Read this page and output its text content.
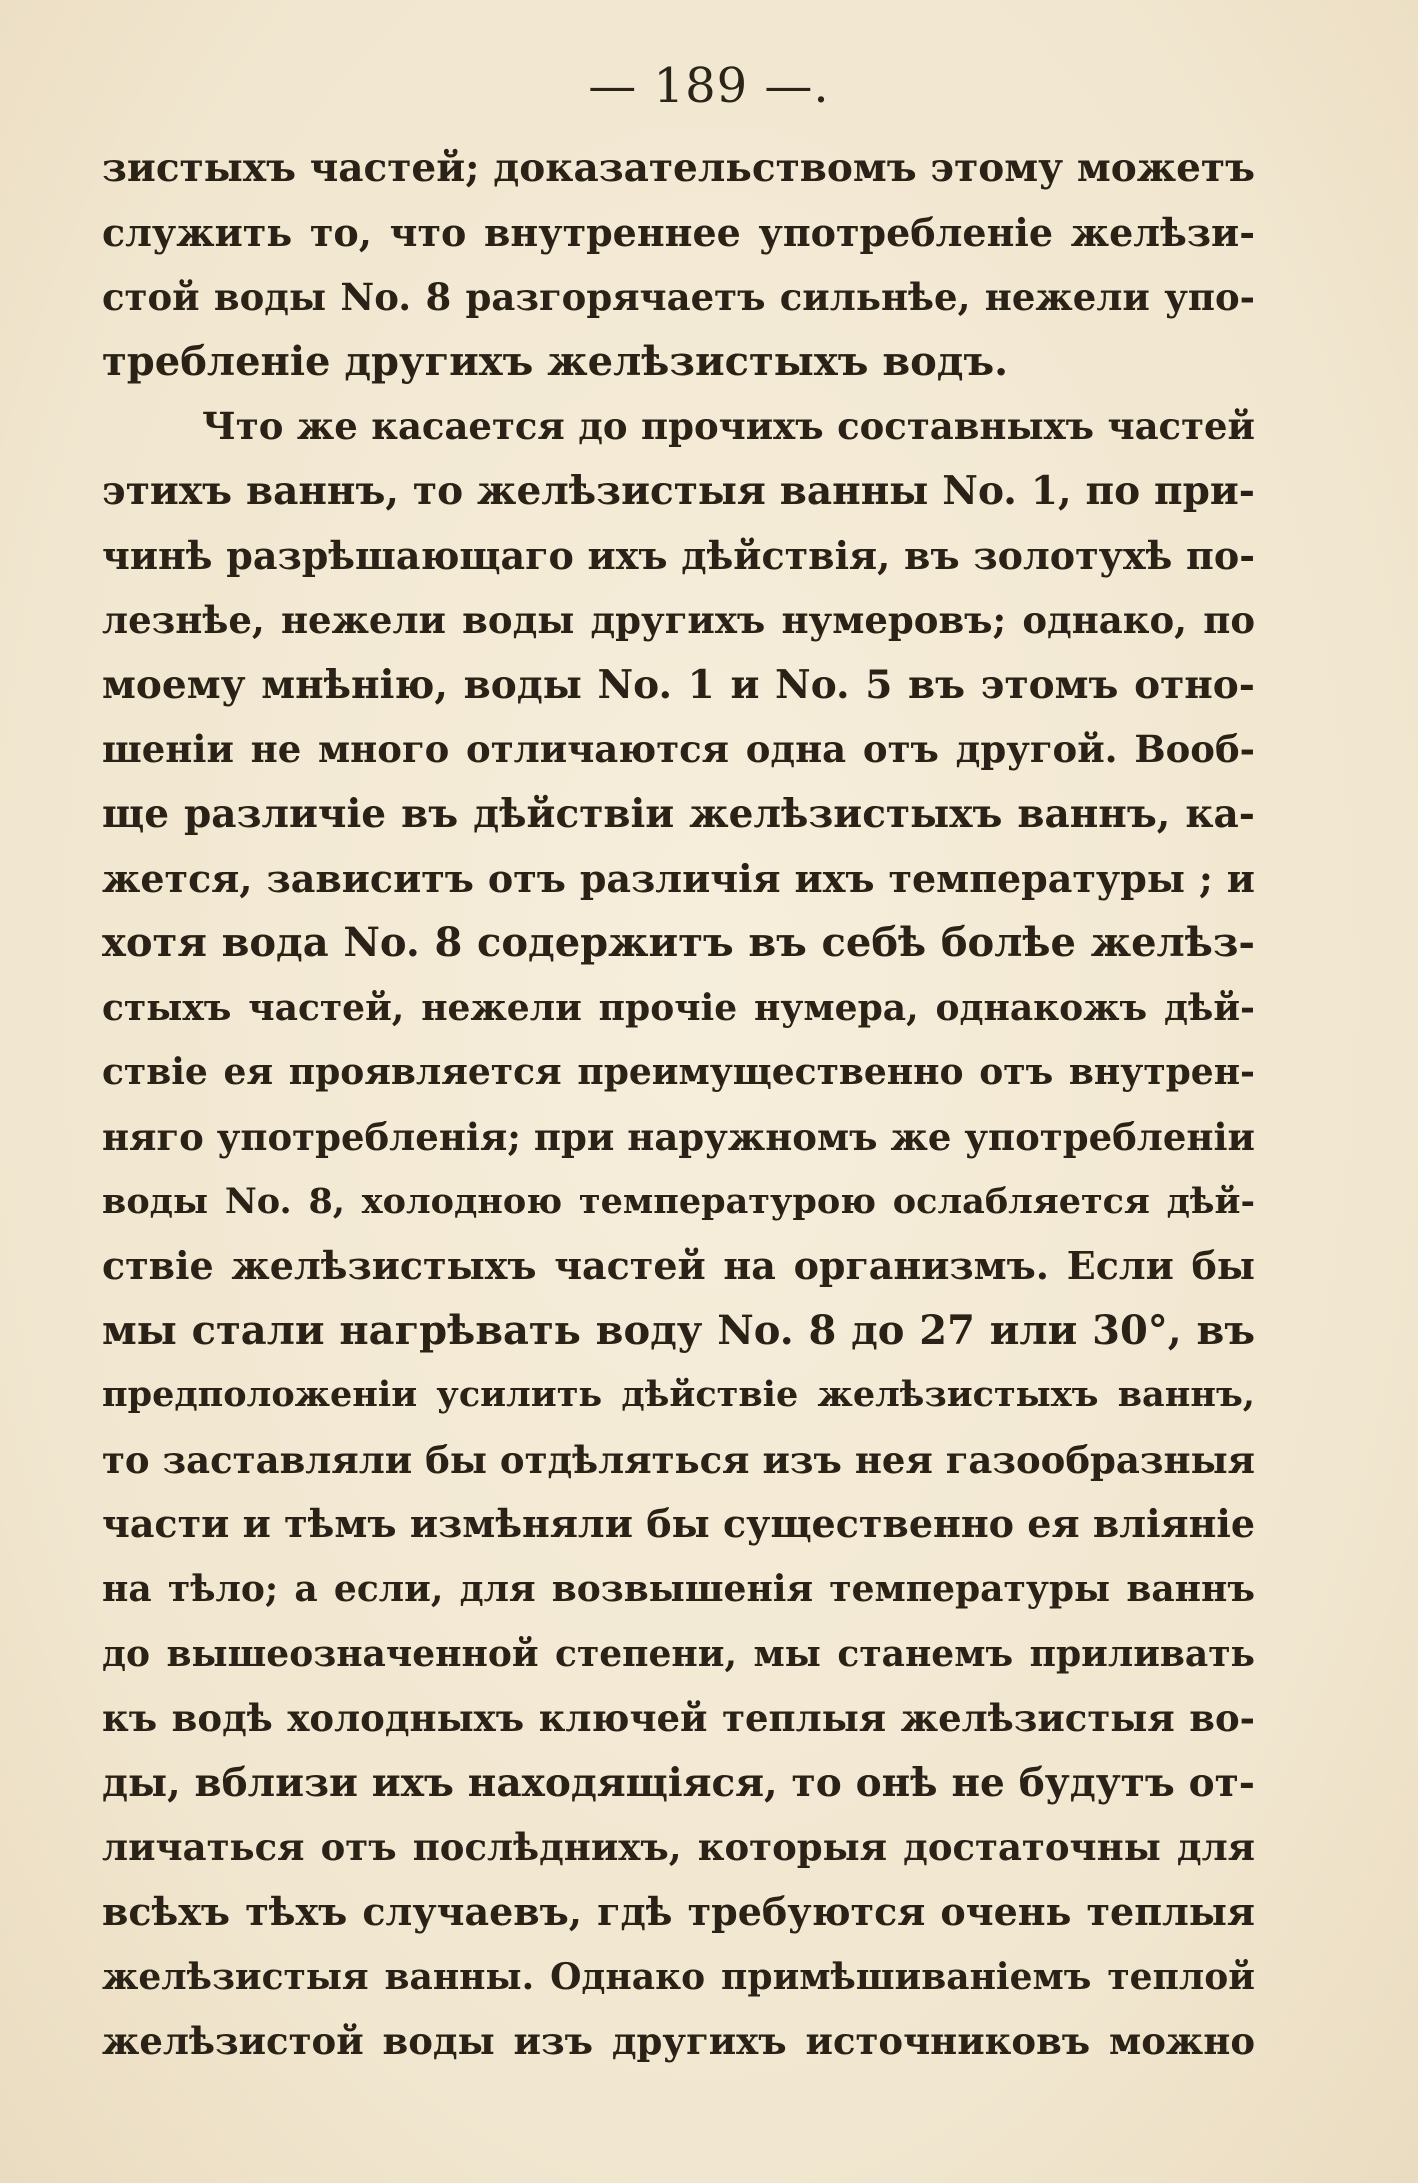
— 189 —.
зистыхъ частей; доказательствомъ этому можетъ
служить то, что внутреннее употребленіе желѣзи-
стой воды No. 8 разгорячаетъ сильнѣе, нежели упо-
требленіе другихъ желѣзистыхъ водъ.
Что же касается до прочихъ составныхъ частей
этихъ ваннъ, то желѣзистыя ванны No. 1, по при-
чинѣ разрѣшающаго ихъ дѣйствія, въ золотухѣ по-
лезнѣе, нежели воды другихъ нумеровъ; однако, по
моему мнѣнію, воды No. 1 и No. 5 въ этомъ отно-
шеніи не много отличаются одна отъ другой. Вооб-
ще различіе въ дѣйствіи желѣзистыхъ ваннъ, ка-
жется, зависитъ отъ различія ихъ температуры ; и
хотя вода No. 8 содержитъ въ себѣ болѣе желѣз-
стыхъ частей, нежели прочіе нумера, однакожъ дѣй-
ствіе ея проявляется преимущественно отъ внутрен-
няго употребленія; при наружномъ же употребленіи
воды No. 8, холодною температурою ослабляется дѣй-
ствіе желѣзистыхъ частей на организмъ. Если бы
мы стали нагрѣвать воду No. 8 до 27 или 30°, въ
предположеніи усилить дѣйствіе желѣзистыхъ ваннъ,
то заставляли бы отдѣляться изъ нея газообразныя
части и тѣмъ измѣняли бы существенно ея вліяніе
на тѣло; а если, для возвышенія температуры ваннъ
до вышеозначенной степени, мы станемъ приливать
къ водѣ холодныхъ ключей теплыя желѣзистыя во-
ды, вблизи ихъ находящіяся, то онѣ не будутъ от-
личаться отъ послѣднихъ, которыя достаточны для
всѣхъ тѣхъ случаевъ, гдѣ требуются очень теплыя
желѣзистыя ванны. Однако примѣшиваніемъ теплой
желѣзистой воды изъ другихъ источниковъ можно
